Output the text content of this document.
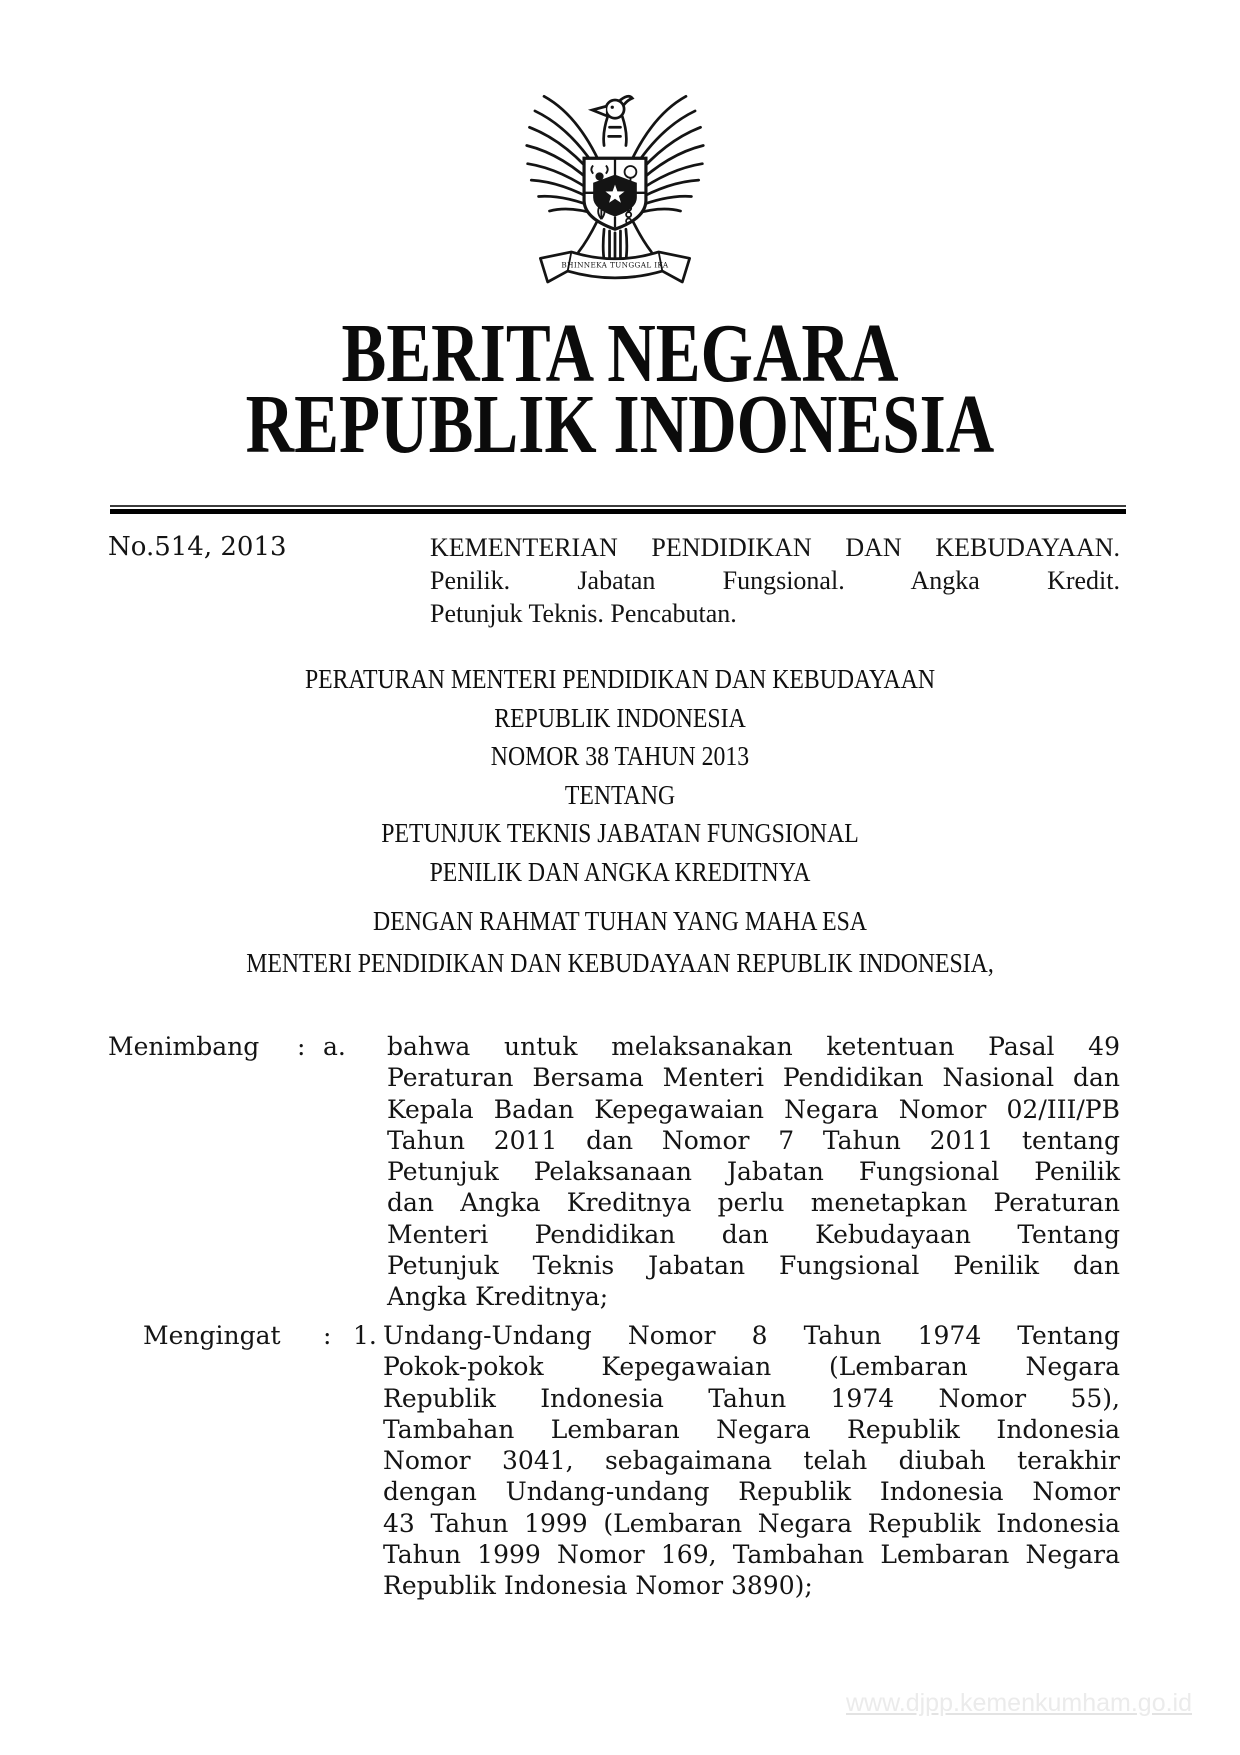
BHINNEKA TUNGGAL IKA
BERITA NEGARA
REPUBLIK INDONESIA
No.514, 2013	KEMENTERIAN PENDIDIKAN DAN KEBUDAYAAN.
Penilik. Jabatan Fungsional. Angka Kredit.
Petunjuk Teknis. Pencabutan.
PERATURAN MENTERI PENDIDIKAN DAN KEBUDAYAAN
REPUBLIK INDONESIA
NOMOR 38 TAHUN 2013
TENTANG
PETUNJUK TEKNIS JABATAN FUNGSIONAL
PENILIK DAN ANGKA KREDITNYA
DENGAN RAHMAT TUHAN YANG MAHA ESA
MENTERI PENDIDIKAN DAN KEBUDAYAAN REPUBLIK INDONESIA,
Menimbang	: a.	bahwa untuk melaksanakan ketentuan Pasal 49
Peraturan Bersama Menteri Pendidikan Nasional dan
Kepala Badan Kepegawaian Negara Nomor 02/III/PB
Tahun 2011 dan Nomor 7 Tahun 2011 tentang
Petunjuk Pelaksanaan Jabatan Fungsional Penilik
dan Angka Kreditnya perlu menetapkan Peraturan
Menteri Pendidikan dan Kebudayaan Tentang
Petunjuk Teknis Jabatan Fungsional Penilik dan
Angka Kreditnya;
Mengingat	: 1. Undang-Undang Nomor 8 Tahun 1974 Tentang
Pokok-pokok Kepegawaian (Lembaran Negara
Republik Indonesia Tahun 1974 Nomor 55),
Tambahan Lembaran Negara Republik Indonesia
Nomor 3041, sebagaimana telah diubah terakhir
dengan Undang-undang Republik Indonesia Nomor
43 Tahun 1999 (Lembaran Negara Republik Indonesia
Tahun 1999 Nomor 169, Tambahan Lembaran Negara
Republik Indonesia Nomor 3890);
www.djpp.kemenkumham.go.id
